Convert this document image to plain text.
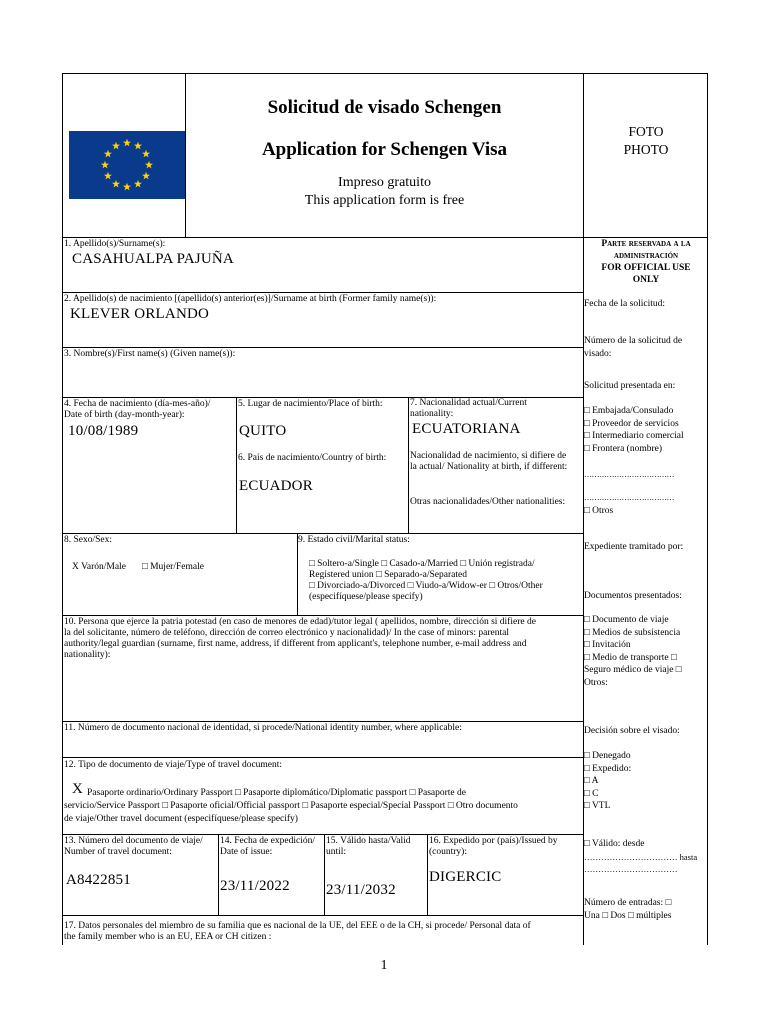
Solicitud de visado Schengen
Application for Schengen Visa
Impreso gratuito
This application form is free
FOTO
PHOTO
Parte reservada a la
administración
FOR OFFICIAL USE
ONLY
Fecha de la solicitud:
Número de la solicitud de visado:
Solicitud presentada en:
□ Embajada/Consulado
□ Proveedor de servicios
□ Intermediario comercial
□ Frontera (nombre)
………………………………
………………………………
□ Otros
Expediente tramitado por:
Documentos presentados:
□ Documento de viaje
□ Medios de subsistencia
□ Invitación
□ Medio de transporte □
Seguro médico de viaje □
Otros:
Decisión sobre el visado:
□ Denegado
□ Expedido:
□ A
□ C
□ VTL
□ Válido: desde
…………………………… hasta
……………………………
Número de entradas: □
Una □ Dos □ múltiples
1. Apellido(s)/Surname(s):
CASAHUALPA PAJUÑA
2. Apellido(s) de nacimiento [(apellido(s) anterior(es)]/Surname at birth (Former family name(s)):
KLEVER ORLANDO
3. Nombre(s)/First name(s) (Given name(s)):
4. Fecha de nacimiento (día-mes-año)/
Date of birth (day-month-year):
10/08/1989
5. Lugar de nacimiento/Place of birth:
QUITO
6. País de nacimiento/Country of birth:
ECUADOR
7. Nacionalidad actual/Current
nationality:
ECUATORIANA
Nacionalidad de nacimiento, si difiere de
la actual/ Nationality at birth, if different:
Otras nacionalidades/Other nationalities:
8. Sexo/Sex:
X Varón/Male □ Mujer/Female
9. Estado civil/Marital status:
□ Soltero-a/Single □ Casado-a/Married □ Unión registrada/
Registered union □ Separado-a/Separated
□ Divorciado-a/Divorced □ Viudo-a/Widow-er □ Otros/Other
(especifíquese/please specify)
10. Persona que ejerce la patria potestad (en caso de menores de edad)/tutor legal ( apellidos, nombre, dirección si difiere de
la del solicitante, número de teléfono, dirección de correo electrónico y nacionalidad)/ In the case of minors: parental
authority/legal guardian (surname, first name, address, if different from applicant's, telephone number, e-mail address and
nationality):
11. Número de documento nacional de identidad, si procede/National identity number, where applicable:
12. Tipo de documento de viaje/Type of travel document:
X Pasaporte ordinario/Ordinary Passport □ Pasaporte diplomático/Diplomatic passport □ Pasaporte de
servicio/Service Passport □ Pasaporte oficial/Official passport □ Pasaporte especial/Special Passport □ Otro documento
de viaje/Other travel document (especifíquese/please specify)
13. Número del documento de viaje/
Number of travel document:
A8422851
14. Fecha de expedición/
Date of issue:
23/11/2022
15. Válido hasta/Valid
until:
23/11/2032
16. Expedido por (país)/Issued by
(country):
DIGERCIC
17. Datos personales del miembro de su familia que es nacional de la UE, del EEE o de la CH, si procede/ Personal data of
the family member who is an EU, EEA or CH citizen :
1
